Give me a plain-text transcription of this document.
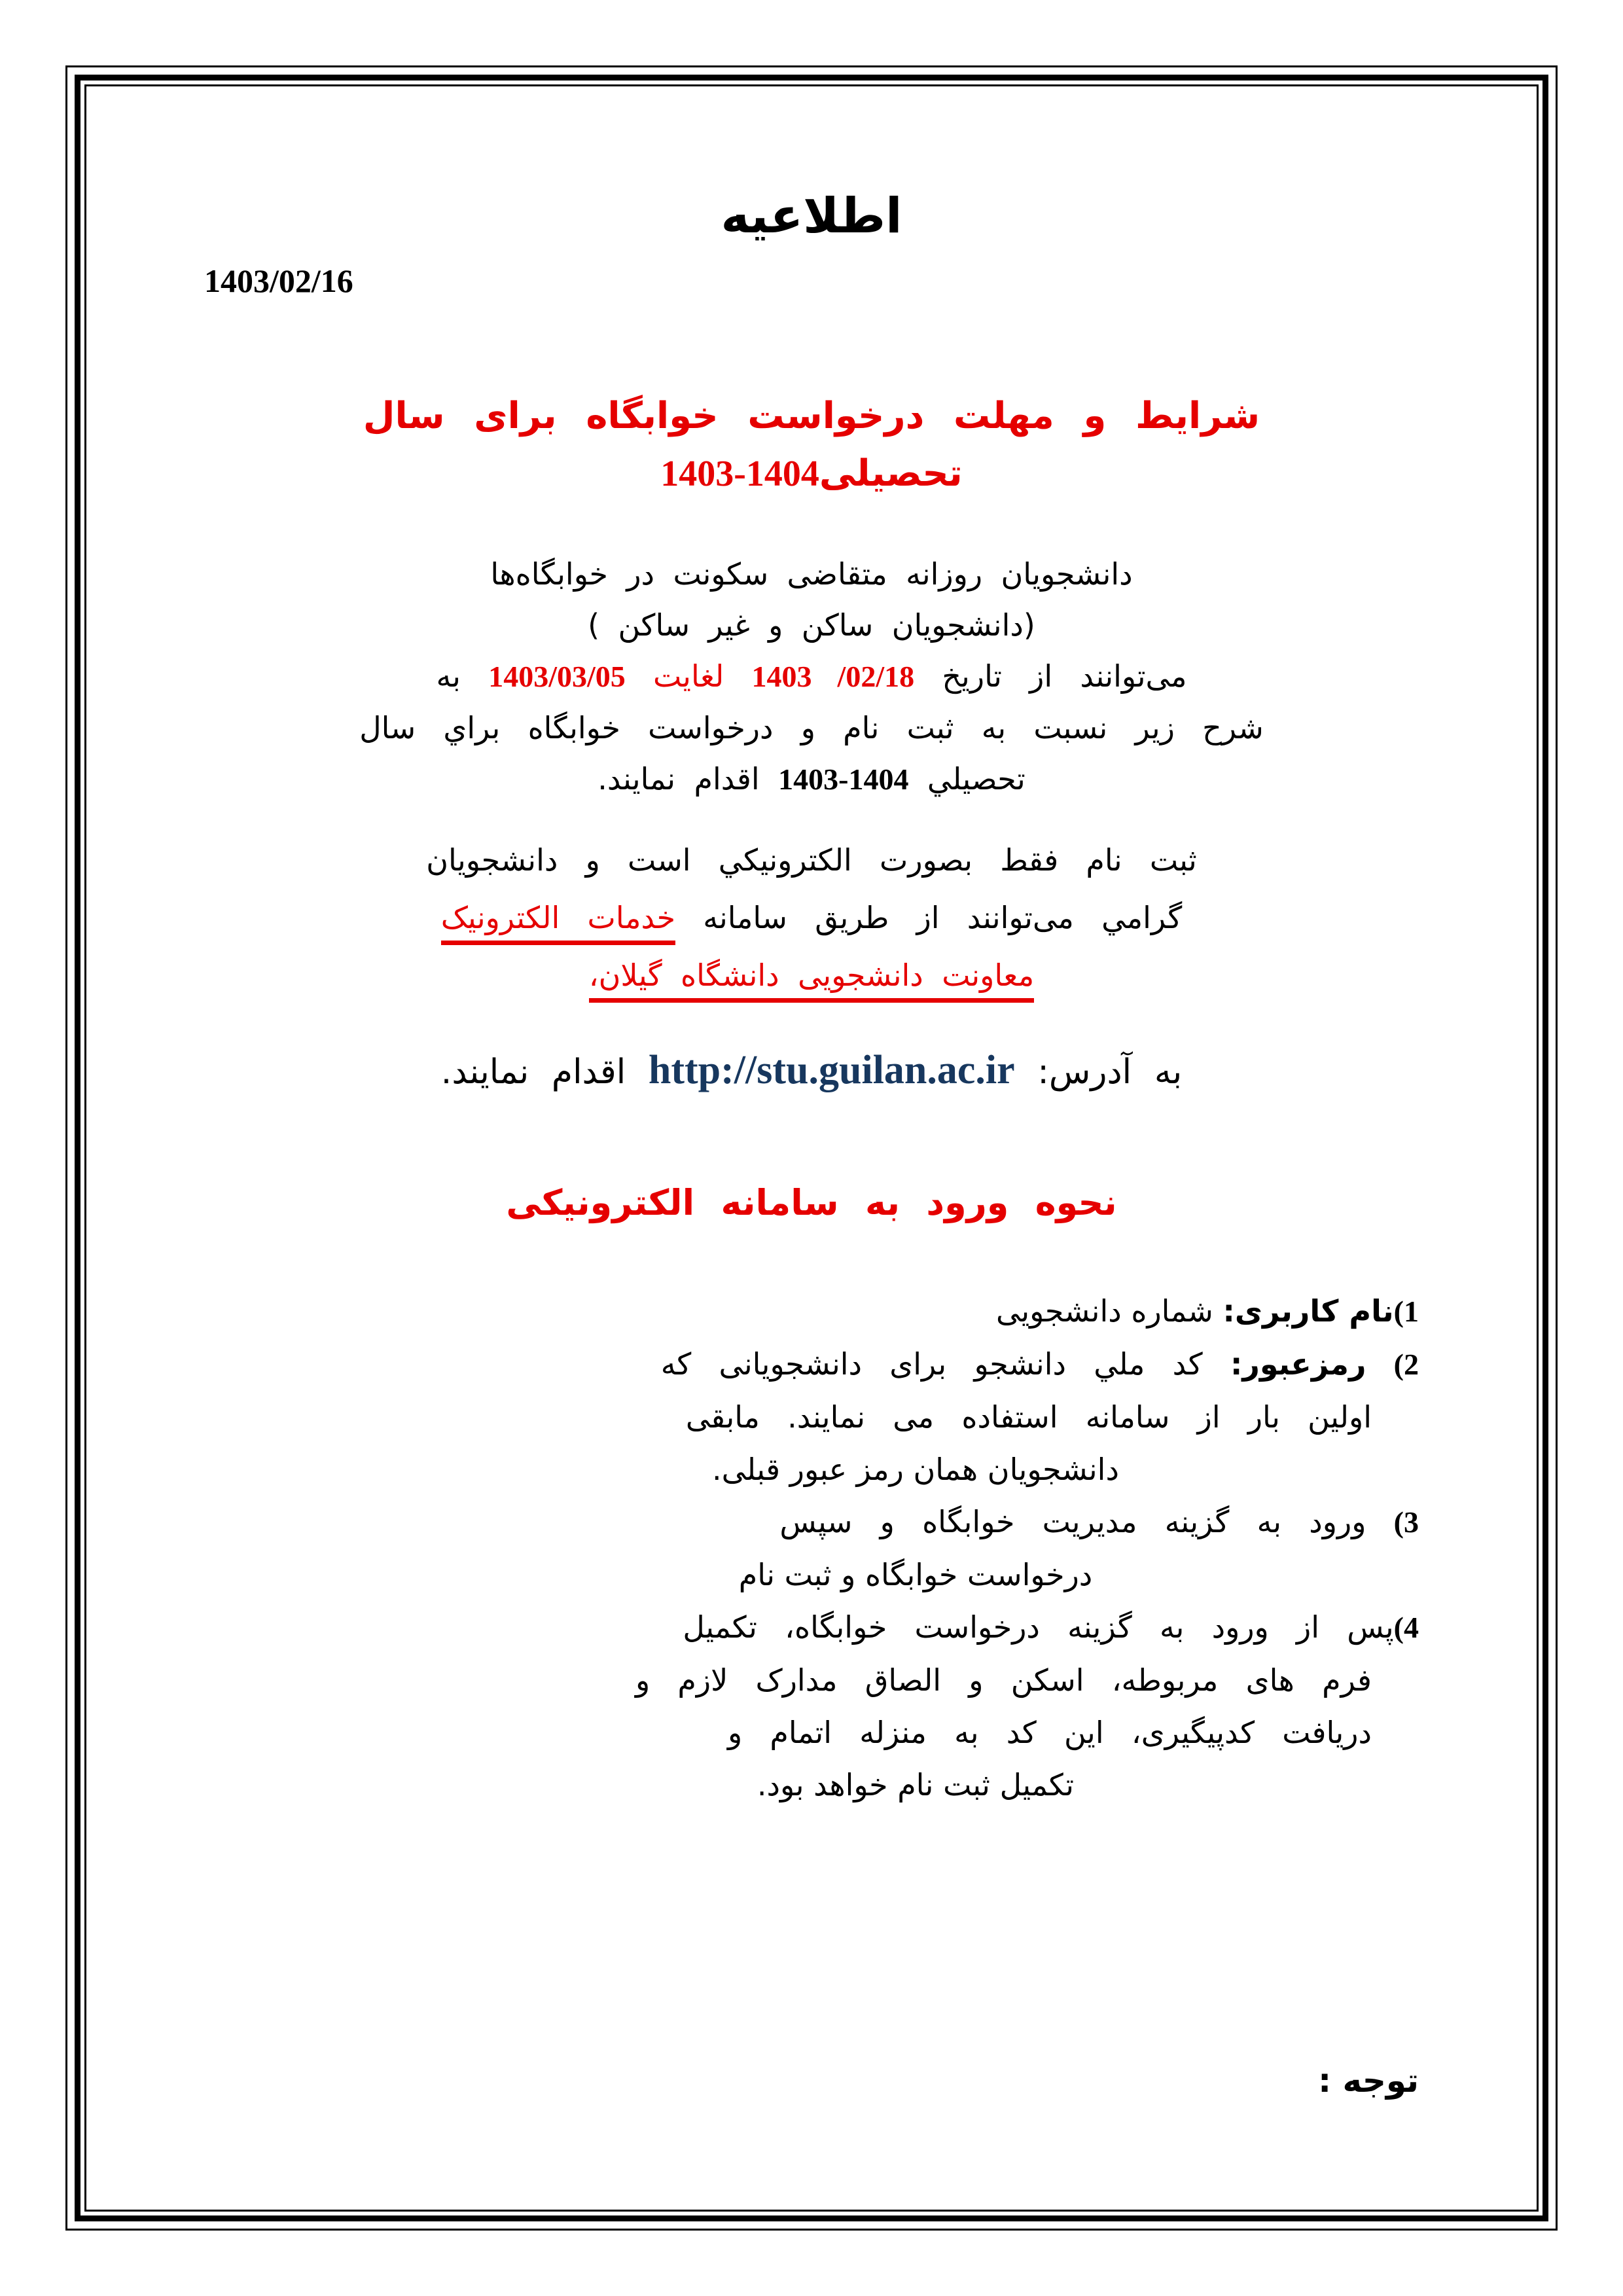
اطلاعیه
1403/02/16
شرایط و مهلت درخواست خوابگاه برای سال
تحصیلی1403-1404
دانشجویان روزانه متقاضی سکونت در خوابگاه‌ها
(دانشجویان ساکن و غیر ساکن )
می‌توانند از تاریخ 1403 /02/18 لغایت 1403/03/05 به
شرح زیر نسبت به ثبت نام و درخواست خوابگاه براي سال
تحصيلي 1403-1404 اقدام نمایند.
ثبت نام فقط بصورت الکترونیکي است و دانشجویان
گرامي می‌توانند از طریق سامانه خدمات الکترونیک
معاونت دانشجویی دانشگاه گیلان،
به آدرس: http://stu.guilan.ac.ir اقدام نمایند.
نحوه ورود به سامانه الکترونیکی
1)نام کاربری: شماره دانشجویی
2) رمزعبور: کد ملي دانشجو برای دانشجویانی که
اولین بار از سامانه استفاده می نمایند. مابقی
دانشجویان همان رمز عبور قبلی.
3) ورود به گزینه مدیریت خوابگاه و سپس
درخواست خوابگاه و ثبت نام
4)پس از ورود به گزینه درخواست خوابگاه، تکمیل
فرم های مربوطه، اسکن و الصاق مدارک لازم و
دریافت کدپیگیری، این کد به منزله اتمام و
تکمیل ثبت نام خواهد بود.
توجه :
